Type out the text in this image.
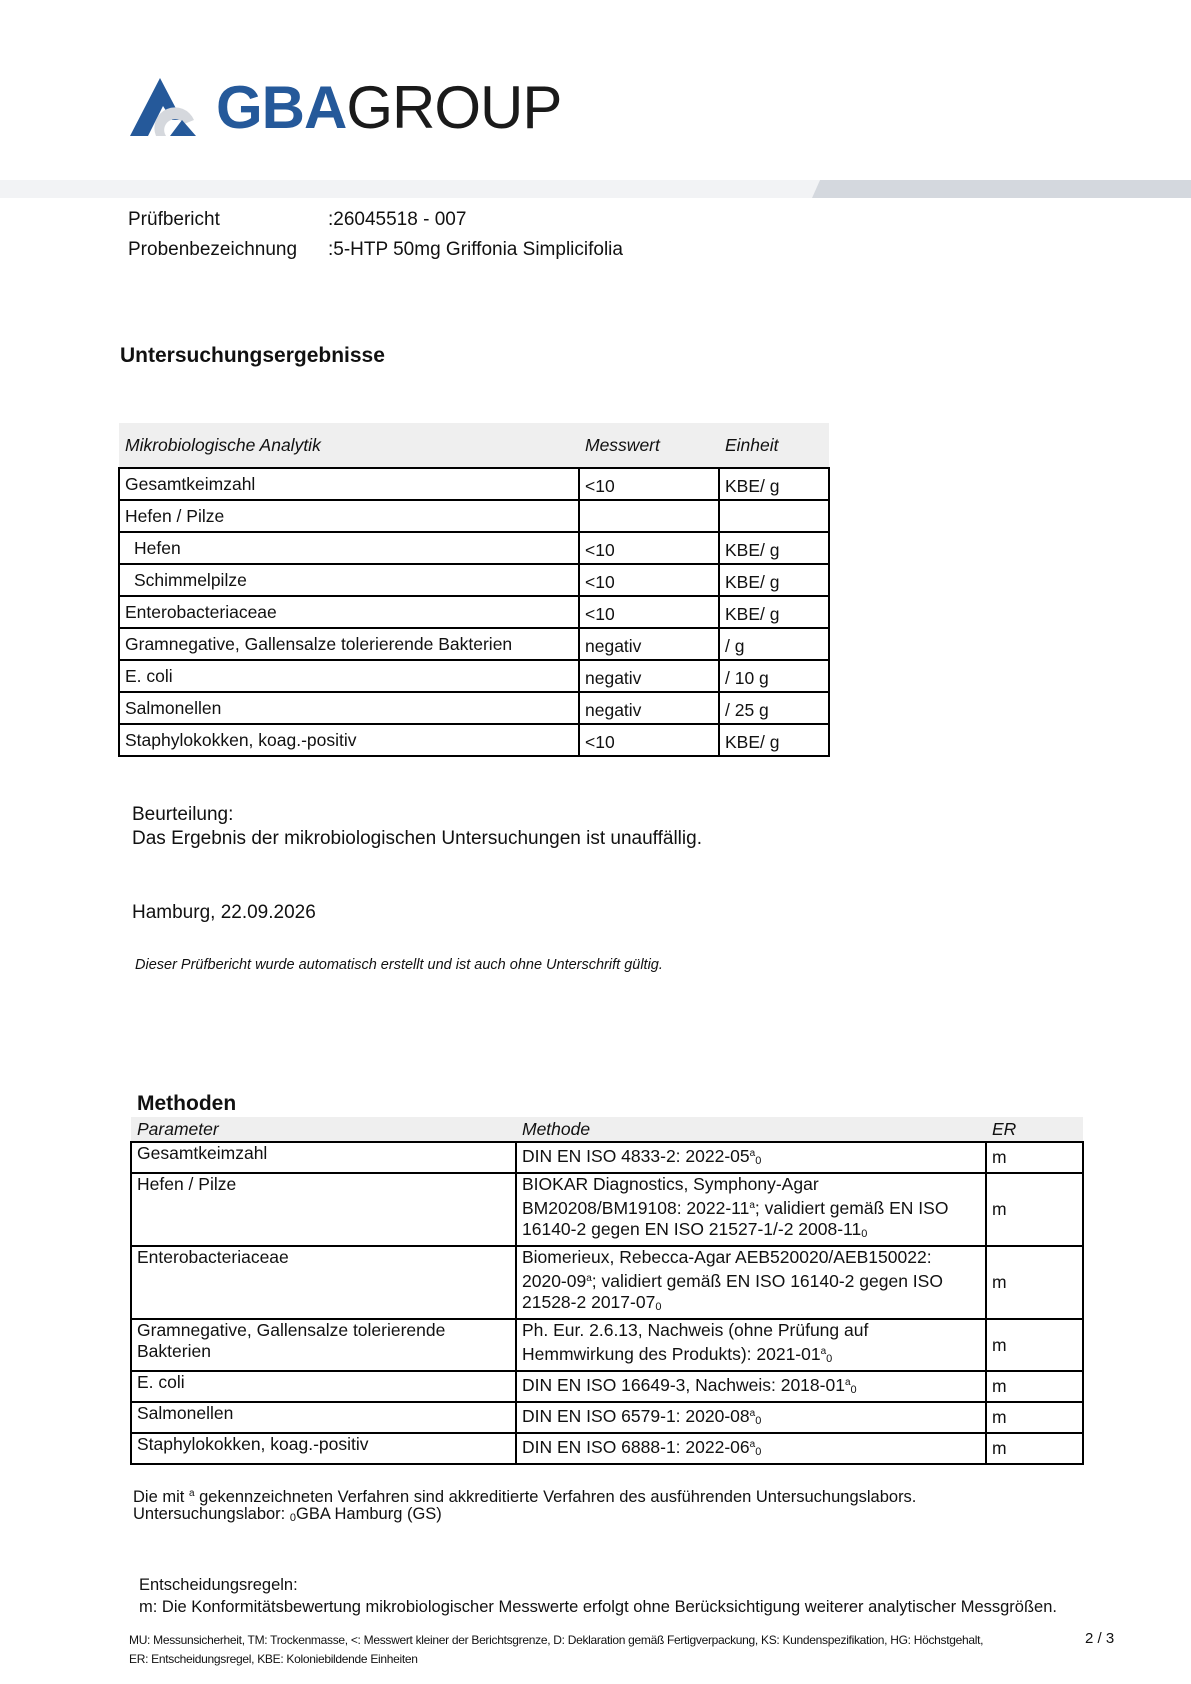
GBAGROUP
Prüfbericht	:26045518 - 007
Probenbezeichnung :5-HTP 50mg Griffonia Simplicifolia
Untersuchungsergebnisse
Mikrobiologische Analytik	Messwert	Einheit
Gesamtkeimzahl	<10	KBE/ g
Hefen / Pilze		
Hefen	<10	KBE/ g
Schimmelpilze	<10	KBE/ g
Enterobacteriaceae	<10	KBE/ g
Gramnegative, Gallensalze tolerierende Bakterien	negativ	/ g
E. coli	negativ	/ 10 g
Salmonellen	negativ	/ 25 g
Staphylokokken, koag.-positiv	<10	KBE/ g
Beurteilung:
Das Ergebnis der mikrobiologischen Untersuchungen ist unauffällig.
Hamburg, 22.09.2026
Dieser Prüfbericht wurde automatisch erstellt und ist auch ohne Unterschrift gültig.
Methoden
Parameter	Methode	ER
Gesamtkeimzahl	DIN EN ISO 4833-2: $2022-05^a_0$	m
Hefen / Pilze	BIOKAR Diagnostics, Symphony-Agar
BM20208/BM19108: 2022-11$^a$; validiert gemäß EN ISO
16140-2 gegen EN ISO 21527-1/-2 $2008-11_0$	m
Enterobacteriaceae	Biomerieux, Rebecca-Agar AEB520020/AEB150022:
2020-09$^a$; validiert gemäß EN ISO 16140-2 gegen ISO
21528-2 $2017-07_0$	m
Gramnegative, Gallensalze tolerierende Bakterien	Ph. Eur. 2.6.13, Nachweis (ohne Prüfung auf
Hemmwirkung des Produkts): $2021-01^a_0$	m
E. coli	DIN EN ISO 16649-3, Nachweis: $2018-01^a_0$	m
Salmonellen	DIN EN ISO 6579-1: $2020-08^a_0$	m
Staphylokokken, koag.-positiv	DIN EN ISO 6888-1: $2022-06^a_0$	m
Die mit $^a$ gekennzeichneten Verfahren sind akkreditierte Verfahren des ausführenden Untersuchungslabors.
Untersuchungslabor: $_0$GBA Hamburg (GS)
Entscheidungsregeln:
m: Die Konformitätsbewertung mikrobiologischer Messwerte erfolgt ohne Berücksichtigung weiterer analytischer Messgrößen.
MU: Messunsicherheit, TM: Trockenmasse, <: Messwert kleiner der Berichtsgrenze, D: Deklaration gemäß Fertigverpackung, KS: Kundenspezifikation, HG: Höchstgehalt,
ER: Entscheidungsregel, KBE: Koloniebildende Einheiten
2 / 3
